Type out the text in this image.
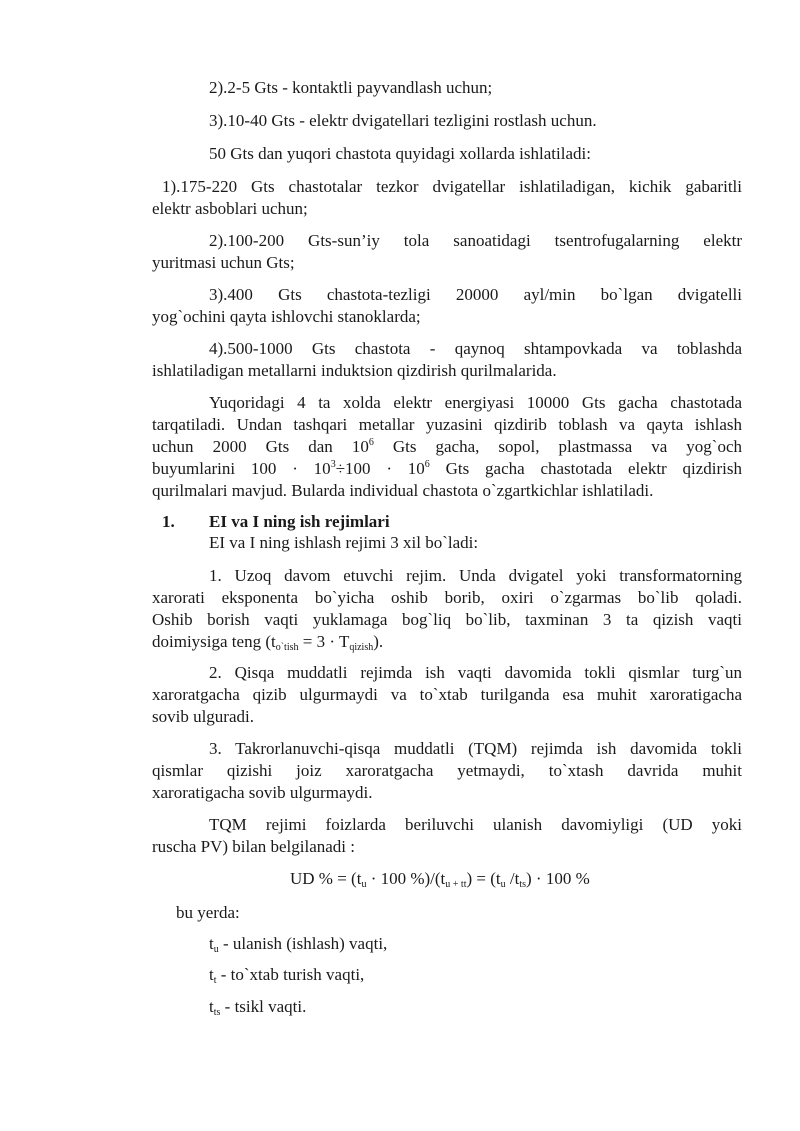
2).2-5 Gts - kontaktli payvandlash uchun;
3).10-40 Gts - elektr dvigatellari tezligini rostlash uchun.
50 Gts dan yuqori chastota quyidagi xollarda ishlatiladi:
1).175-220 Gts chastotalar tezkor dvigatellar ishlatiladigan, kichik gabaritli
elektr asboblari uchun;
2).100-200 Gts-sun’iy tola sanoatidagi tsentrofugalarning elektr
yuritmasi uchun Gts;
3).400 Gts chastota-tezligi 20000 ayl/min bo`lgan dvigatelli
yog`ochini qayta ishlovchi stanoklarda;
4).500-1000 Gts chastota - qaynoq shtampovkada va toblashda
ishlatiladigan metallarni induktsion qizdirish qurilmalarida.
Yuqoridagi 4 ta xolda elektr energiyasi 10000 Gts gacha chastotada
tarqatiladi. Undan tashqari metallar yuzasini qizdirib toblash va qayta ishlash
uchun 2000 Gts dan $10^6$ Gts gacha, sopol, plastmassa va yog`och
buyumlarini $100 \cdot 10^3\div 100 \cdot 10^6$ Gts gacha chastotada elektr qizdirish
qurilmalari mavjud. Bularda individual chastota o`zgartkichlar ishlatiladi.
1. EI va I ning ish rejimlari
EI va I ning ishlash rejimi 3 xil bo`ladi:
1. Uzoq davom etuvchi rejim. Unda dvigatel yoki transformatorning
xarorati eksponenta bo`yicha oshib borib, oxiri o`zgarmas bo`lib qoladi.
Oshib borish vaqti yuklamaga bog`liq bo`lib, taxminan 3 ta qizish vaqti
doimiysiga teng $(t_{o`tish} = 3 \cdot T_{qizish})$.
2. Qisqa muddatli rejimda ish vaqti davomida tokli qismlar turg`un
xaroratgacha qizib ulgurmaydi va to`xtab turilganda esa muhit xaroratigacha
sovib ulguradi.
3. Takrorlanuvchi-qisqa muddatli (TQM) rejimda ish davomida tokli
qismlar qizishi joiz xaroratgacha yetmaydi, to`xtash davrida muhit
xaroratigacha sovib ulgurmaydi.
TQM rejimi foizlarda beriluvchi ulanish davomiyligi (UD yoki
ruscha PV) bilan belgilanadi :
UD % = ($t_u \cdot 100$ $\%)/(t_{u + tt}) = (t_u$ $/t_{ts}) \cdot 100$ %
bu yerda:
$t_u$ - ulanish (ishlash) vaqti,
$t_t$ - to`xtab turish vaqti,
$t_{ts}$ - tsikl vaqti.
